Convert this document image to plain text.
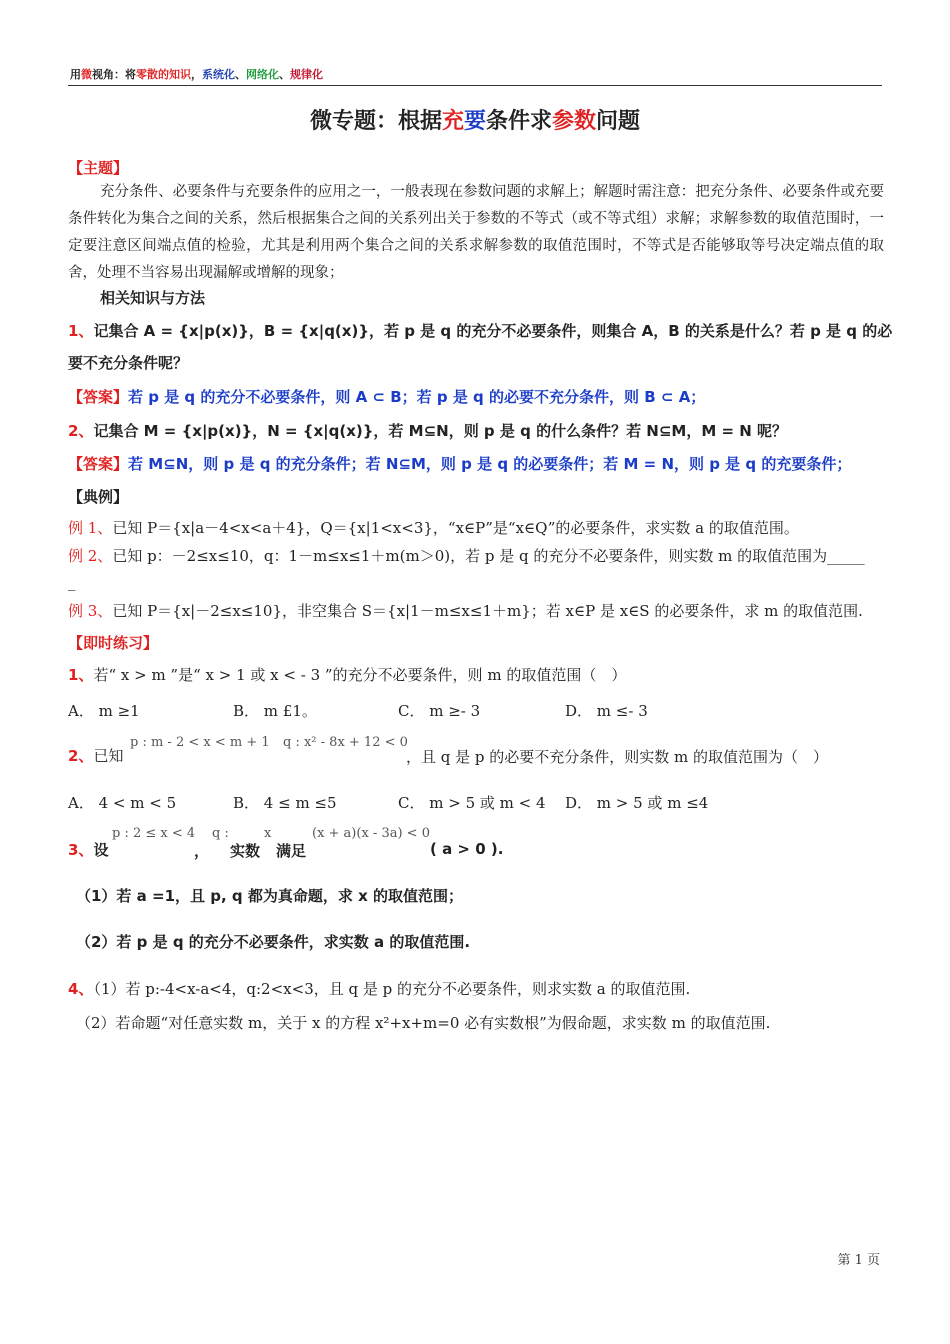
用微视角：将零散的知识，系统化、网络化、规律化
微专题：根据充要条件求参数问题
【主题】
充分条件、必要条件与充要条件的应用之一，一般表现在参数问题的求解上；解题时需注意：把充分条件、必要条件或充要条件转化为集合之间的关系，然后根据集合之间的关系列出关于参数的不等式（或不等式组）求解；求解参数的取值范围时，一定要注意区间端点值的检验，尤其是利用两个集合之间的关系求解参数的取值范围时，不等式是否能够取等号决定端点值的取舍，处理不当容易出现漏解或增解的现象；
相关知识与方法
1、记集合 A = {x|p(x)}，B = {x|q(x)}，若 p 是 q 的充分不必要条件，则集合 A，B 的关系是什么？若 p 是 q 的必
要不充分条件呢？
【答案】若 p 是 q 的充分不必要条件，则 A ⊂ B；若 p 是 q 的必要不充分条件，则 B ⊂ A；
2、记集合 M = {x|p(x)}，N = {x|q(x)}，若 M⊆N，则 p 是 q 的什么条件？若 N⊆M，M = N 呢？
【答案】若 M⊆N，则 p 是 q 的充分条件；若 N⊆M，则 p 是 q 的必要条件；若 M = N，则 p 是 q 的充要条件；
【典例】
例 1、已知 P＝{x|a－4<x<a＋4}，Q＝{x|1<x<3}，“x∈P”是“x∈Q”的必要条件，求实数 a 的取值范围。
例 2、已知 p：－2≤x≤10，q：1－m≤x≤1＋m(m＞0)，若 p 是 q 的充分不必要条件，则实数 m 的取值范围为_____
_
例 3、已知 P＝{x|－2≤x≤10}，非空集合 S＝{x|1－m≤x≤1＋m}；若 x∈P 是 x∈S 的必要条件，求 m 的取值范围.
【即时练习】
1、若“ x > m ”是“ x > 1 或 x < - 3 ”的充分不必要条件，则 m 的取值范围（　）
A． m ≥1	B． m £1。	C． m ≥- 3	D． m ≤- 3
2、已知
p : m - 2 < x < m + 1 q : x² - 8x + 12 < 0
，且 q 是 p 的必要不充分条件，则实数 m 的取值范围为（　）
A． 4 < m < 5	B． 4 ≤ m ≤5	C． m > 5 或 m < 4 D． m > 5 或 m ≤4
3、设
p : 2 ≤ x < 4
，
q :
实数
x
满足
(x + a)(x - 3a) < 0
( a > 0 ).
（1）若 a =1，且 p, q 都为真命题，求 x 的取值范围；
（2）若 p 是 q 的充分不必要条件，求实数 a 的取值范围.
4、（1）若 p:-4<x-a<4，q:2<x<3，且 q 是 p 的充分不必要条件，则求实数 a 的取值范围.
（2）若命题“对任意实数 m，关于 x 的方程 x²+x+m=0 必有实数根”为假命题，求实数 m 的取值范围.
第 1 页
